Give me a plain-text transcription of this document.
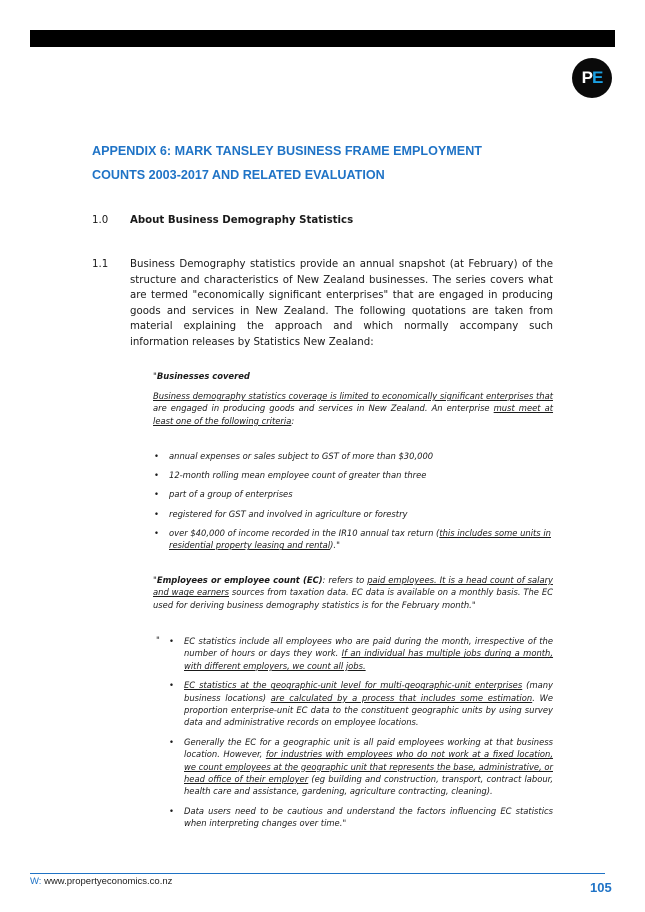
P E
APPENDIX 6: MARK TANSLEY BUSINESS FRAME EMPLOYMENT
COUNTS 2003-2017 AND RELATED EVALUATION
1.0 About Business Demography Statistics
1.1 Business Demography statistics provide an annual snapshot (at February) of the structure and characteristics of New Zealand businesses. The series covers what are termed "economically significant enterprises" that are engaged in producing goods and services in New Zealand. The following quotations are taken from material explaining the approach and which normally accompany such information releases by Statistics New Zealand:
"Businesses covered
Business demography statistics coverage is limited to economically significant enterprises that are engaged in producing goods and services in New Zealand. An enterprise must meet at least one of the following criteria:
• annual expenses or sales subject to GST of more than $30,000
• 12-month rolling mean employee count of greater than three
• part of a group of enterprises
• registered for GST and involved in agriculture or forestry
• over $40,000 of income recorded in the IR10 annual tax return (this includes some units in residential property leasing and rental)."
"Employees or employee count (EC): refers to paid employees. It is a head count of salary and wage earners sources from taxation data. EC data is available on a monthly basis. The EC used for deriving business demography statistics is for the February month."
"
•	EC statistics include all employees who are paid during the month, irrespective of the number of hours or days they work. If an individual has multiple jobs during a month, with different employers, we count all jobs.
• EC statistics at the geographic-unit level for multi-geographic-unit enterprises (many business locations) are calculated by a process that includes some estimation. We proportion enterprise-unit EC data to the constituent geographic units by using survey data and administrative records on employee locations.
• Generally the EC for a geographic unit is all paid employees working at that business location. However, for industries with employees who do not work at a fixed location, we count employees at the geographic unit that represents the base, administrative, or head office of their employer (eg building and construction, transport, contract labour, health care and assistance, gardening, agriculture contracting, cleaning).
• Data users need to be cautious and understand the factors influencing EC statistics when interpreting changes over time."
W: www.propertyeconomics.co.nz	105
